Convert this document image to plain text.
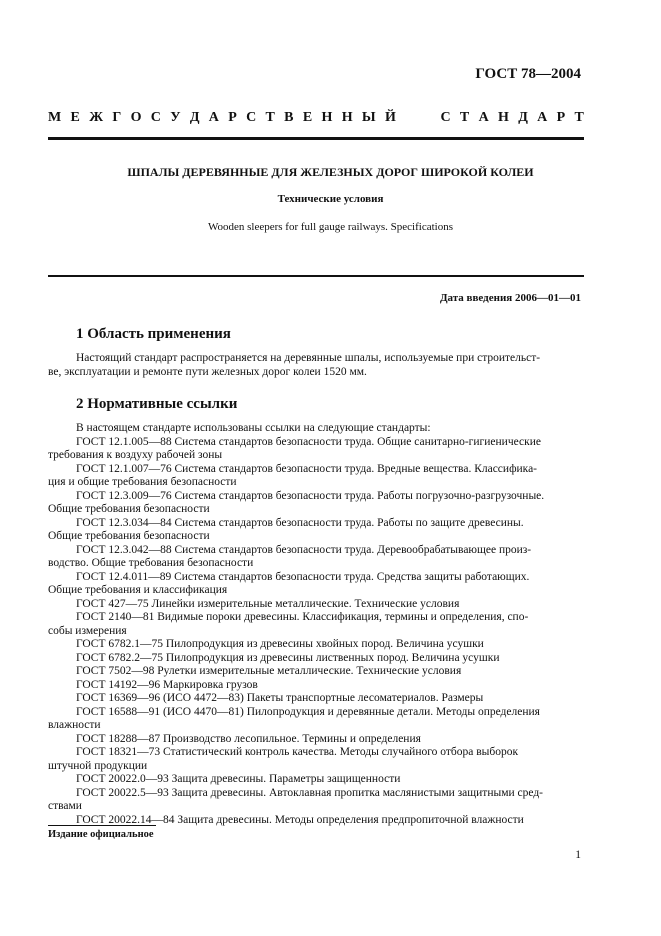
ГОСТ 78—2004
М Е Ж Г О С У Д А Р С Т В Е Н Н Ы Й	С Т А Н Д А Р Т
ШПАЛЫ ДЕРЕВЯННЫЕ ДЛЯ ЖЕЛЕЗНЫХ ДОРОГ ШИРОКОЙ КОЛЕИ
Технические условия
Wooden sleepers for full gauge railways. Specifications
Дата введения 2006—01—01
1 Область применения
Настоящий стандарт распространяется на деревянные шпалы, используемые при строительст-
ве, эксплуатации и ремонте пути железных дорог колеи 1520 мм.
2 Нормативные ссылки
В настоящем стандарте использованы ссылки на следующие стандарты:
ГОСТ 12.1.005—88 Система стандартов безопасности труда. Общие санитарно-гигиенические
требования к воздуху рабочей зоны
ГОСТ 12.1.007—76 Система стандартов безопасности труда. Вредные вещества. Классифика-
ция и общие требования безопасности
ГОСТ 12.3.009—76 Система стандартов безопасности труда. Работы погрузочно-разгрузочные.
Общие требования безопасности
ГОСТ 12.3.034—84 Система стандартов безопасности труда. Работы по защите древесины.
Общие требования безопасности
ГОСТ 12.3.042—88 Система стандартов безопасности труда. Деревообрабатывающее произ-
водство. Общие требования безопасности
ГОСТ 12.4.011—89 Система стандартов безопасности труда. Средства защиты работающих.
Общие требования и классификация
ГОСТ 427—75 Линейки измерительные металлические. Технические условия
ГОСТ 2140—81 Видимые пороки древесины. Классификация, термины и определения, спо-
собы измерения
ГОСТ 6782.1—75 Пилопродукция из древесины хвойных пород. Величина усушки
ГОСТ 6782.2—75 Пилопродукция из древесины лиственных пород. Величина усушки
ГОСТ 7502—98 Рулетки измерительные металлические. Технические условия
ГОСТ 14192—96 Маркировка грузов
ГОСТ 16369—96 (ИСО 4472—83) Пакеты транспортные лесоматериалов. Размеры
ГОСТ 16588—91 (ИСО 4470—81) Пилопродукция и деревянные детали. Методы определения
влажности
ГОСТ 18288—87 Производство лесопильное. Термины и определения
ГОСТ 18321—73 Статистический контроль качества. Методы случайного отбора выборок
штучной продукции
ГОСТ 20022.0—93 Защита древесины. Параметры защищенности
ГОСТ 20022.5—93 Защита древесины. Автоклавная пропитка маслянистыми защитными сред-
ствами
ГОСТ 20022.14—84 Защита древесины. Методы определения предпропиточной влажности
Издание официальное
1
